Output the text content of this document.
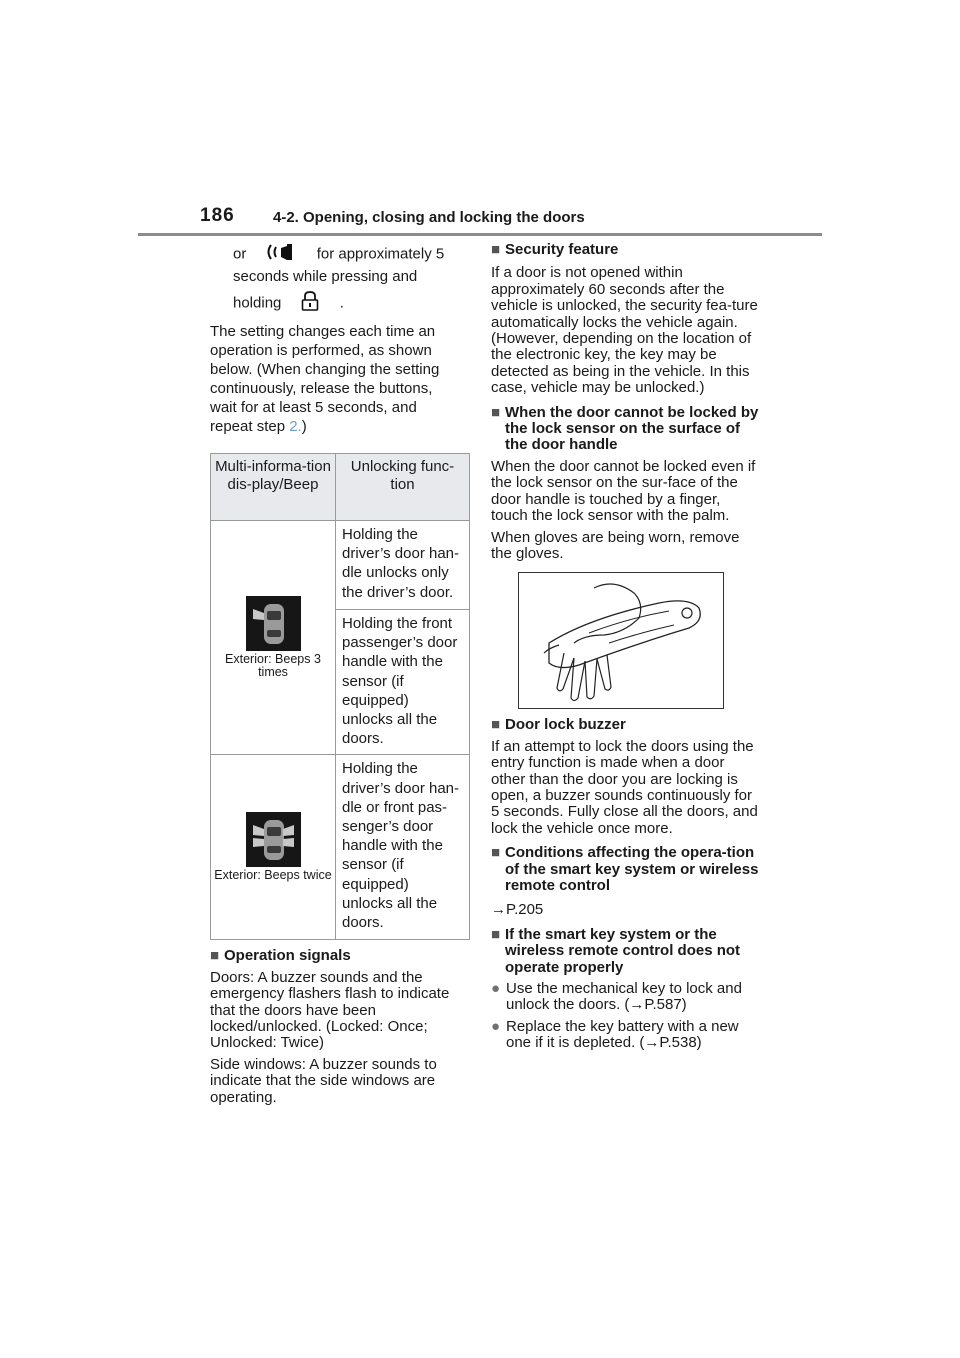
186	4-2. Opening, closing and locking the doors
or	for approximately 5
seconds while pressing and
holding	.
The setting changes each time an
operation is performed, as shown
below. (When changing the setting
continuously, release the buttons,
wait for at least 5 seconds, and
repeat step 2.)
Multi-informa-tion dis-play/Beep	Unlocking func-tion

Exterior: Beeps 3 times	Holding the driver’s door han-dle unlocks only the driver’s door.
	Holding the front passenger’s door handle with the sensor (if equipped) unlocks all the doors.

Exterior: Beeps twice	Holding the driver’s door han-dle or front pas-senger’s door handle with the sensor (if equipped) unlocks all the doors.
■ Operation signals

Doors: A buzzer sounds and the emergency flashers flash to indicate that the doors have been locked/unlocked. (Locked: Once; Unlocked: Twice)

Side windows: A buzzer sounds to indicate that the side windows are operating.

■ Security feature

If a door is not opened within approximately 60 seconds after the vehicle is unlocked, the security fea-ture automatically locks the vehicle again. (However, depending on the location of the electronic key, the key may be detected as being in the vehicle. In this case, vehicle may be unlocked.)

■ When the door cannot be locked by the lock sensor on the surface of the door handle

When the door cannot be locked even if the lock sensor on the sur-face of the door handle is touched by a finger, touch the lock sensor with the palm.

When gloves are being worn, remove the gloves.

■ Door lock buzzer

If an attempt to lock the doors using the entry function is made when a door other than the door you are locking is open, a buzzer sounds continuously for 5 seconds. Fully close all the doors, and lock the vehicle once more.

■ Conditions affecting the opera-tion of the smart key system or wireless remote control

→P.205

■ If the smart key system or the wireless remote control does not operate properly
● Use the mechanical key to lock and unlock the doors. (→P.587)
● Replace the key battery with a new one if it is depleted. (→P.538)
